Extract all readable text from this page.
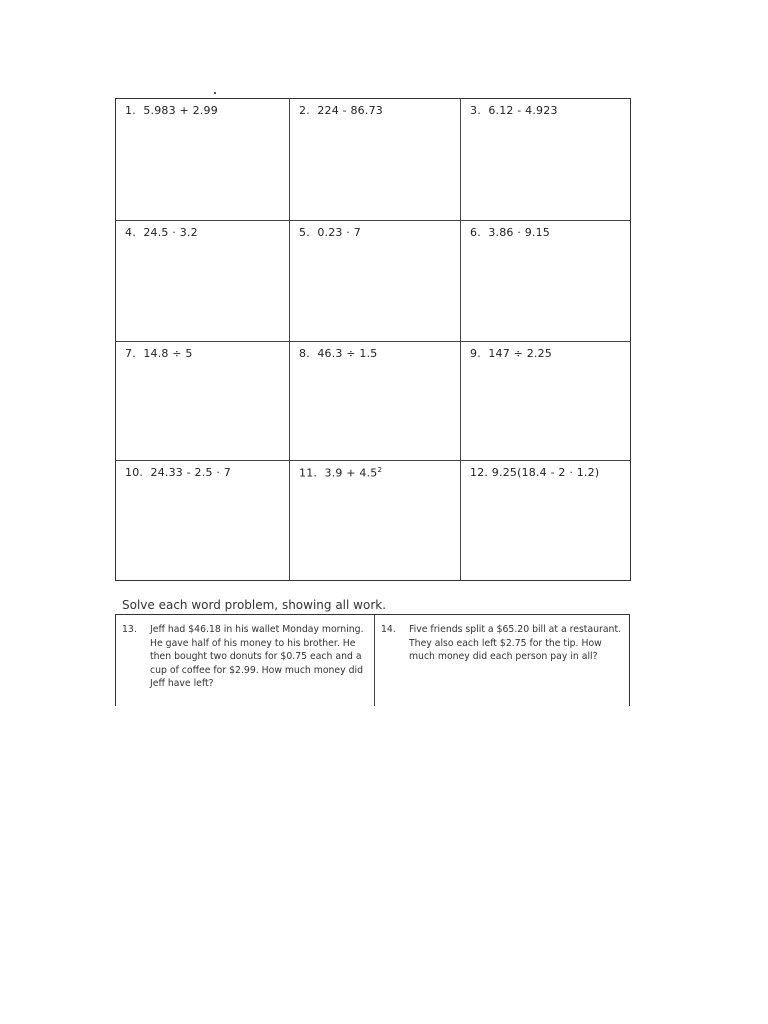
1. 5.983 + 2.99	2. 224 - 86.73	3. 6.12 - 4.923
4. 24.5 · 3.2	5. 0.23 · 7	6. 3.86 · 9.15
7. 14.8 ÷ 5	8. 46.3 ÷ 1.5	9. 147 ÷ 2.25
10. 24.33 - 2.5 · 7	11. $3.9 + 4.5^2$	12. 9.25(18.4 - 2 · 1.2)
Solve each word problem, showing all work.
13.	Jeff had $46.18 in his wallet Monday morning.
He gave half of his money to his brother. He
then bought two donuts for $0.75 each and a
cup of coffee for $2.99. How much money did
Jeff have left?
14.	Five friends split a $65.20 bill at a restaurant.
They also each left $2.75 for the tip. How
much money did each person pay in all?
